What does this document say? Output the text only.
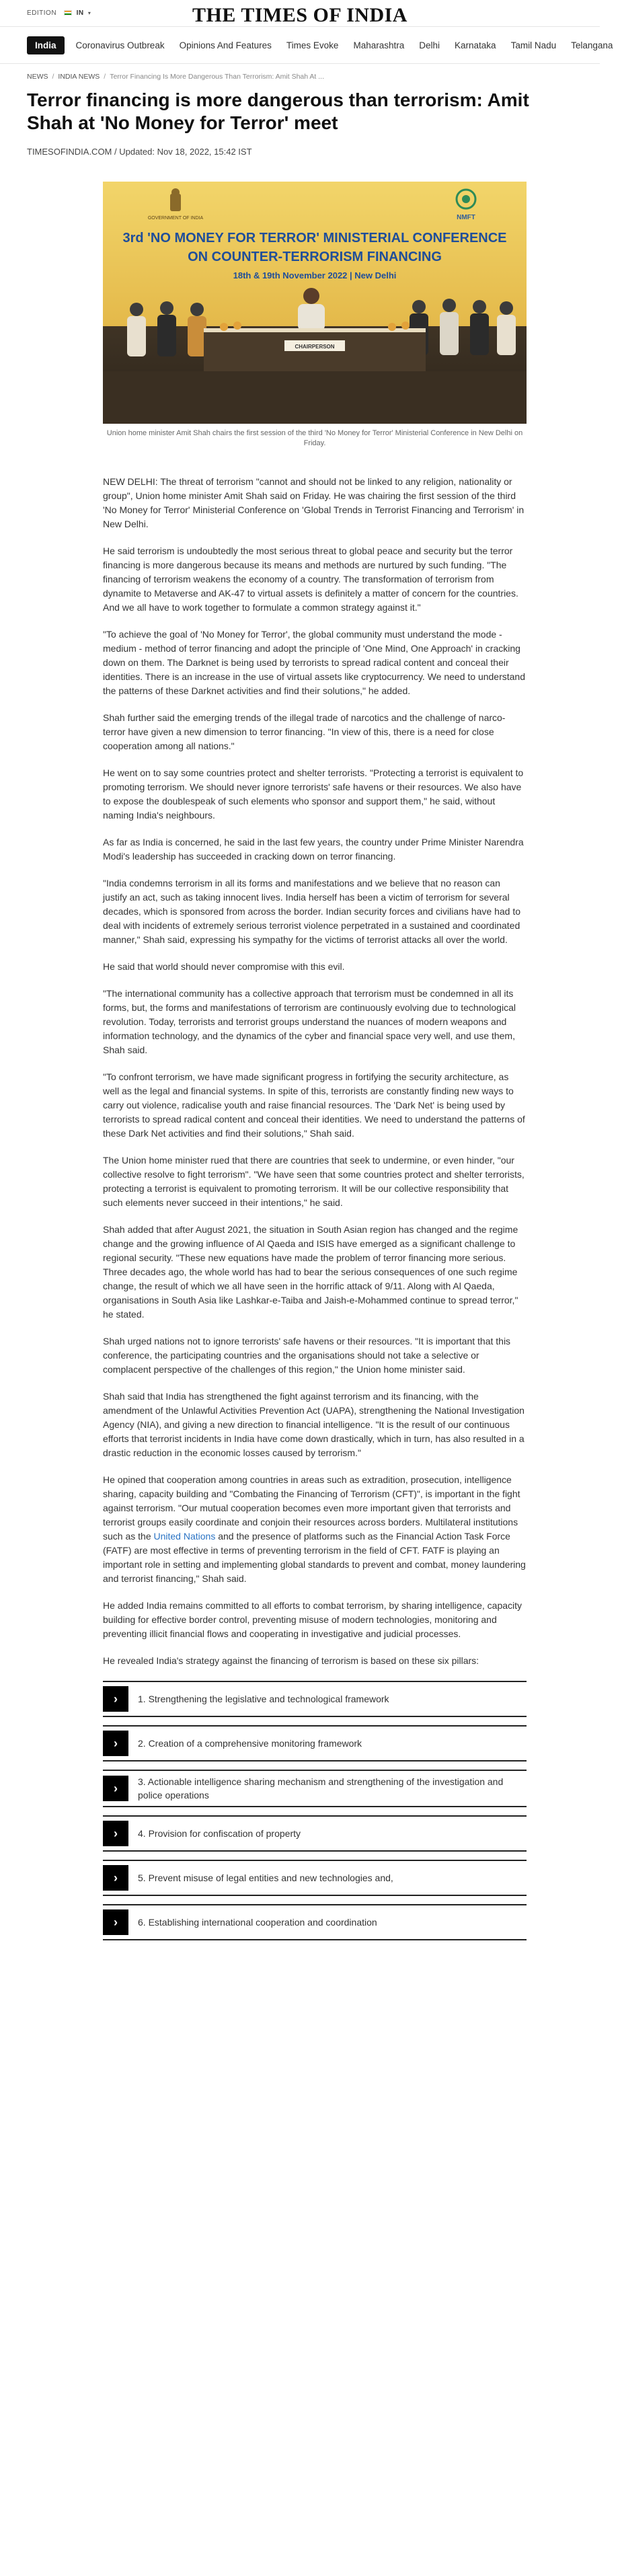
EDITION	IN ▾	THE TIMES OF INDIA
India	Coronavirus Outbreak	Opinions And Features	Times Evoke	Maharashtra	Delhi	Karnataka	Tamil Nadu	Telangana
NEWS / INDIA NEWS / Terror Financing Is More Dangerous Than Terrorism: Amit Shah At ...
Terror financing is more dangerous than terrorism: Amit Shah at 'No Money for Terror' meet
TIMESOFINDIA.COM / Updated: Nov 18, 2022, 15:42 IST
GOVERNMENT OF INDIA	NMFT
3rd 'NO MONEY FOR TERROR' MINISTERIAL CONFERENCE
ON COUNTER-TERRORISM FINANCING
18th & 19th November 2022 | New Delhi
CHAIRPERSON
Union home minister Amit Shah chairs the first session of the third 'No Money for Terror' Ministerial Conference in New Delhi on Friday.

NEW DELHI: The threat of terrorism "cannot and should not be linked to any religion, nationality or group", Union home minister Amit Shah said on Friday. He was chairing the first session of the third 'No Money for Terror' Ministerial Conference on 'Global Trends in Terrorist Financing and Terrorism' in New Delhi.

He said terrorism is undoubtedly the most serious threat to global peace and security but the terror financing is more dangerous because its means and methods are nurtured by such funding. "The financing of terrorism weakens the economy of a country. The transformation of terrorism from dynamite to Metaverse and AK-47 to virtual assets is definitely a matter of concern for the countries. And we all have to work together to formulate a common strategy against it."

"To achieve the goal of 'No Money for Terror', the global community must understand the mode - medium - method of terror financing and adopt the principle of 'One Mind, One Approach' in cracking down on them. The Darknet is being used by terrorists to spread radical content and conceal their identities. There is an increase in the use of virtual assets like cryptocurrency. We need to understand the patterns of these Darknet activities and find their solutions," he added.

Shah further said the emerging trends of the illegal trade of narcotics and the challenge of narco-terror have given a new dimension to terror financing. "In view of this, there is a need for close cooperation among all nations."

He went on to say some countries protect and shelter terrorists. "Protecting a terrorist is equivalent to promoting terrorism. We should never ignore terrorists' safe havens or their resources. We also have to expose the doublespeak of such elements who sponsor and support them," he said, without naming India's neighbours.

As far as India is concerned, he said in the last few years, the country under Prime Minister Narendra Modi's leadership has succeeded in cracking down on terror financing.

"India condemns terrorism in all its forms and manifestations and we believe that no reason can justify an act, such as taking innocent lives. India herself has been a victim of terrorism for several decades, which is sponsored from across the border. Indian security forces and civilians have had to deal with incidents of extremely serious terrorist violence perpetrated in a sustained and coordinated manner," Shah said, expressing his sympathy for the victims of terrorist attacks all over the world.

He said that world should never compromise with this evil.

"The international community has a collective approach that terrorism must be condemned in all its forms, but, the forms and manifestations of terrorism are continuously evolving due to technological revolution. Today, terrorists and terrorist groups understand the nuances of modern weapons and information technology, and the dynamics of the cyber and financial space very well, and use them, Shah said.

"To confront terrorism, we have made significant progress in fortifying the security architecture, as well as the legal and financial systems. In spite of this, terrorists are constantly finding new ways to carry out violence, radicalise youth and raise financial resources. The 'Dark Net' is being used by terrorists to spread radical content and conceal their identities. We need to understand the patterns of these Dark Net activities and find their solutions," Shah said.

The Union home minister rued that there are countries that seek to undermine, or even hinder, "our collective resolve to fight terrorism". "We have seen that some countries protect and shelter terrorists, protecting a terrorist is equivalent to promoting terrorism. It will be our collective responsibility that such elements never succeed in their intentions," he said.

Shah added that after August 2021, the situation in South Asian region has changed and the regime change and the growing influence of Al Qaeda and ISIS have emerged as a significant challenge to regional security. "These new equations have made the problem of terror financing more serious. Three decades ago, the whole world has had to bear the serious consequences of one such regime change, the result of which we all have seen in the horrific attack of 9/11. Along with Al Qaeda, organisations in South Asia like Lashkar-e-Taiba and Jaish-e-Mohammed continue to spread terror," he stated.

Shah urged nations not to ignore terrorists' safe havens or their resources. "It is important that this conference, the participating countries and the organisations should not take a selective or complacent perspective of the challenges of this region," the Union home minister said.

Shah said that India has strengthened the fight against terrorism and its financing, with the amendment of the Unlawful Activities Prevention Act (UAPA), strengthening the National Investigation Agency (NIA), and giving a new direction to financial intelligence. "It is the result of our continuous efforts that terrorist incidents in India have come down drastically, which in turn, has also resulted in a drastic reduction in the economic losses caused by terrorism."

He opined that cooperation among countries in areas such as extradition, prosecution, intelligence sharing, capacity building and "Combating the Financing of Terrorism (CFT)", is important in the fight against terrorism. "Our mutual cooperation becomes even more important given that terrorists and terrorist groups easily coordinate and conjoin their resources across borders. Multilateral institutions such as the United Nations and the presence of platforms such as the Financial Action Task Force (FATF) are most effective in terms of preventing terrorism in the field of CFT. FATF is playing an important role in setting and implementing global standards to prevent and combat, money laundering and terrorist financing," Shah said.

He added India remains committed to all efforts to combat terrorism, by sharing intelligence, capacity building for effective border control, preventing misuse of modern technologies, monitoring and preventing illicit financial flows and cooperating in investigative and judicial processes.

He revealed India's strategy against the financing of terrorism is based on these six pillars:

›	1. Strengthening the legislative and technological framework
›	2. Creation of a comprehensive monitoring framework
›	3. Actionable intelligence sharing mechanism and strengthening of the investigation and police operations
›	4. Provision for confiscation of property
›	5. Prevent misuse of legal entities and new technologies and,
›	6. Establishing international cooperation and coordination
